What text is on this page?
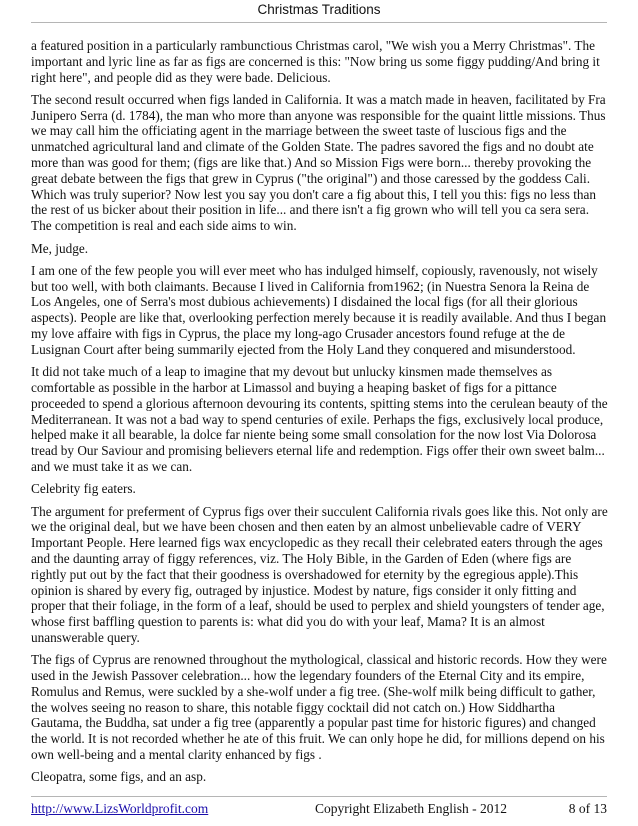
Christmas Traditions

a featured position in a particularly rambunctious Christmas carol, "We wish you a Merry Christmas". The important and lyric line as far as figs are concerned is this: "Now bring us some figgy pudding/And bring it right here", and people did as they were bade. Delicious.

The second result occurred when figs landed in California. It was a match made in heaven, facilitated by Fra Junipero Serra (d. 1784), the man who more than anyone was responsible for the quaint little missions. Thus we may call him the officiating agent in the marriage between the sweet taste of luscious figs and the unmatched agricultural land and climate of the Golden State. The padres savored the figs and no doubt ate more than was good for them; (figs are like that.) And so Mission Figs were born... thereby provoking the great debate between the figs that grew in Cyprus ("the original") and those caressed by the goddess Cali. Which was truly superior? Now lest you say you don't care a fig about this, I tell you this: figs no less than the rest of us bicker about their position in life... and there isn't a fig grown who will tell you ca sera sera. The competition is real and each side aims to win.

Me, judge.

I am one of the few people you will ever meet who has indulged himself, copiously, ravenously, not wisely but too well, with both claimants. Because I lived in California from1962; (in Nuestra Senora la Reina de Los Angeles, one of Serra's most dubious achievements) I disdained the local figs (for all their glorious aspects). People are like that, overlooking perfection merely because it is readily available. And thus I began my love affaire with figs in Cyprus, the place my long-ago Crusader ancestors found refuge at the de Lusignan Court after being summarily ejected from the Holy Land they conquered and misunderstood.

It did not take much of a leap to imagine that my devout but unlucky kinsmen made themselves as comfortable as possible in the harbor at Limassol and buying a heaping basket of figs for a pittance proceeded to spend a glorious afternoon devouring its contents, spitting stems into the cerulean beauty of the Mediterranean. It was not a bad way to spend centuries of exile. Perhaps the figs, exclusively local produce, helped make it all bearable, la dolce far niente being some small consolation for the now lost Via Dolorosa tread by Our Saviour and promising believers eternal life and redemption. Figs offer their own sweet balm... and we must take it as we can.

Celebrity fig eaters.

The argument for preferment of Cyprus figs over their succulent California rivals goes like this. Not only are we the original deal, but we have been chosen and then eaten by an almost unbelievable cadre of VERY Important People. Here learned figs wax encyclopedic as they recall their celebrated eaters through the ages and the daunting array of figgy references, viz. The Holy Bible, in the Garden of Eden (where figs are rightly put out by the fact that their goodness is overshadowed for eternity by the egregious apple).This opinion is shared by every fig, outraged by injustice. Modest by nature, figs consider it only fitting and proper that their foliage, in the form of a leaf, should be used to perplex and shield youngsters of tender age, whose first baffling question to parents is: what did you do with your leaf, Mama? It is an almost unanswerable query.

The figs of Cyprus are renowned throughout the mythological, classical and historic records. How they were used in the Jewish Passover celebration... how the legendary founders of the Eternal City and its empire, Romulus and Remus, were suckled by a she-wolf under a fig tree. (She-wolf milk being difficult to gather, the wolves seeing no reason to share, this notable figgy cocktail did not catch on.) How Siddhartha Gautama, the Buddha, sat under a fig tree (apparently a popular past time for historic figures) and changed the world. It is not recorded whether he ate of this fruit. We can only hope he did, for millions depend on his own well-being and a mental clarity enhanced by figs .

Cleopatra, some figs, and an asp.

http://www.LizsWorldprofit.com	Copyright Elizabeth English - 2012	8 of 13
